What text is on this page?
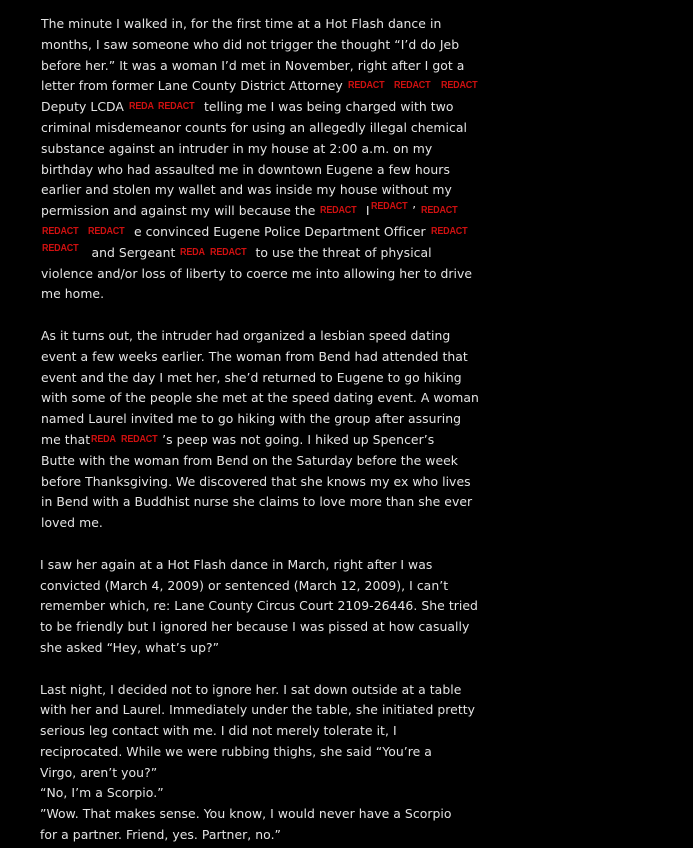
The minute I walked in, for the first time at a Hot Flash dance in
months, I saw someone who did not trigger the thought “I’d do Jeb
before her.” It was a woman I’d met in November, right after I got a
letter from former Lane County District Attorney REDACT REDACT REDACT
Deputy LCDA REDA REDACT telling me I was being charged with two
criminal misdemeanor counts for using an allegedly illegal chemical
substance against an intruder in my house at 2:00 a.m. on my
birthday who had assaulted me in downtown Eugene a few hours
earlier and stolen my wallet and was inside my house without my
permission and against my will because the REDACT IREDACT ’ REDACT
REDACT REDACT e convinced Eugene Police Department Officer REDACT
REDACT and Sergeant REDA REDACT to use the threat of physical
violence and/or loss of liberty to coerce me into allowing her to drive
me home.
As it turns out, the intruder had organized a lesbian speed dating
event a few weeks earlier. The woman from Bend had attended that
event and the day I met her, she’d returned to Eugene to go hiking
with some of the people she met at the speed dating event. A woman
named Laurel invited me to go hiking with the group after assuring
me thatREDA REDACT ’s peep was not going. I hiked up Spencer’s
Butte with the woman from Bend on the Saturday before the week
before Thanksgiving. We discovered that she knows my ex who lives
in Bend with a Buddhist nurse she claims to love more than she ever
loved me.
I saw her again at a Hot Flash dance in March, right after I was
convicted (March 4, 2009) or sentenced (March 12, 2009), I can’t
remember which, re: Lane County Circus Court 2109-26446. She tried
to be friendly but I ignored her because I was pissed at how casually
she asked “Hey, what’s up?”
Last night, I decided not to ignore her. I sat down outside at a table
with her and Laurel. Immediately under the table, she initiated pretty
serious leg contact with me. I did not merely tolerate it, I
reciprocated. While we were rubbing thighs, she said “You’re a
Virgo, aren’t you?”
“No, I’m a Scorpio.”
”Wow. That makes sense. You know, I would never have a Scorpio
for a partner. Friend, yes. Partner, no.”
